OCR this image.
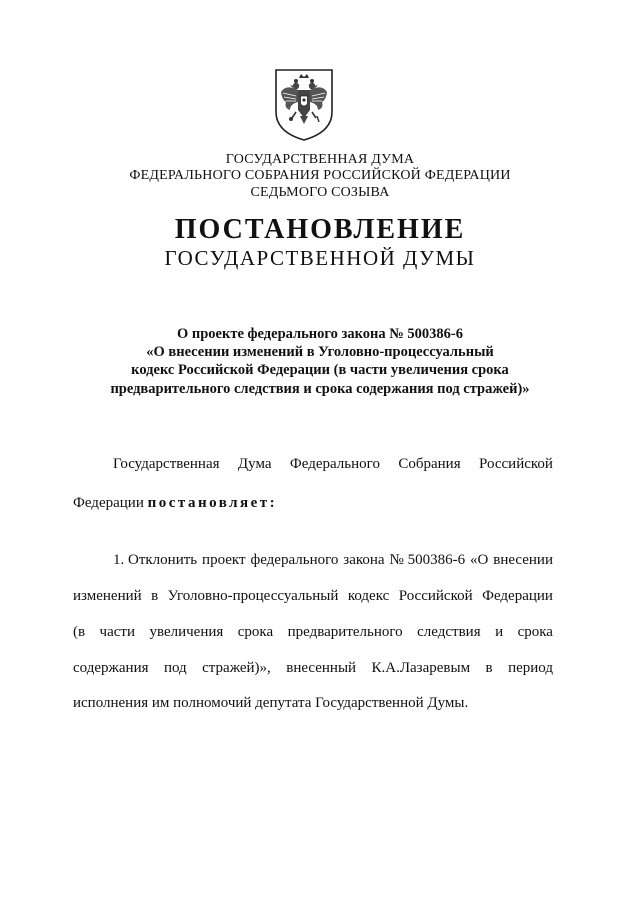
ГОСУДАРСТВЕННАЯ ДУМА
ФЕДЕРАЛЬНОГО СОБРАНИЯ РОССИЙСКОЙ ФЕДЕРАЦИИ
СЕДЬМОГО СОЗЫВА
ПОСТАНОВЛЕНИЕ
ГОСУДАРСТВЕННОЙ ДУМЫ
О проекте федерального закона № 500386-6
«О внесении изменений в Уголовно-процессуальный
кодекс Российской Федерации (в части увеличения срока
предварительного следствия и срока содержания под стражей)»
Государственная Дума Федерального Собрания Российской
Федерации постановляет:
1. Отклонить проект федерального закона № 500386-6 «О внесении
изменений в Уголовно-процессуальный кодекс Российской Федерации
(в части увеличения срока предварительного следствия и срока
содержания под стражей)», внесенный К.А.Лазаревым в период
исполнения им полномочий депутата Государственной Думы.
